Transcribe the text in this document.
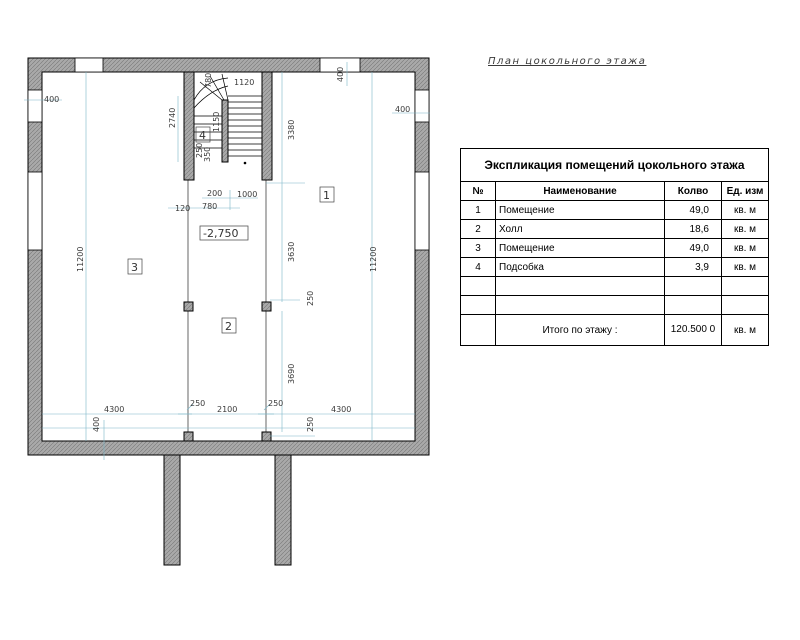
400
400
400
2740
780	1120
3380
1150
350
250
200 1000
120 780
11200	11200
3630
3690
250
250	250
250
4300	2100	4300
400
1
2
3
4
-2,750
План цокольного этажа
Экспликация помещений цокольного этажа			
№	Наименование	Колво	Ед. изм
1	Помещение	49,0	кв. м
2	Холл	18,6	кв. м
3	Помещение	49,0	кв. м
4	Подсобка	3,9	кв. м

	Итого по этажу :	120.500 0	кв. м
